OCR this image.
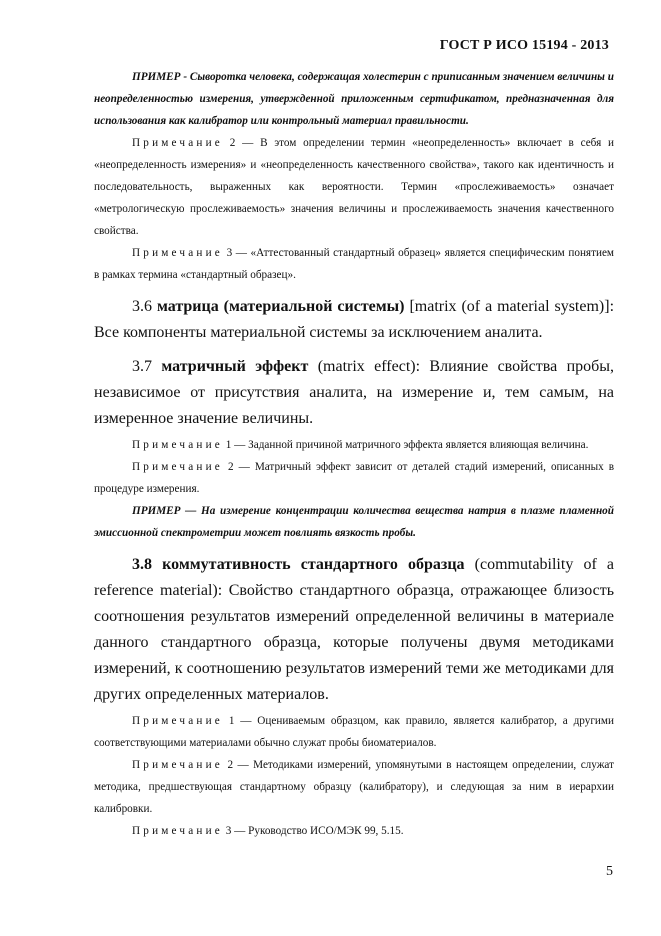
ГОСТ Р ИСО 15194 - 2013

ПРИМЕР - Сыворотка человека, содержащая холестерин с приписанным значением величины и неопределенностью измерения, утвержденной приложенным сертификатом, предназначенная для использования как калибратор или контрольный материал правильности.

Примечание 2 — В этом определении термин «неопределенность» включает в себя и «неопределенность измерения» и «неопределенность качественного свойства», такого как идентичность и последовательность, выраженных как вероятности. Термин «прослеживаемость» означает «метрологическую прослеживаемость» значения величины и прослеживаемость значения качественного свойства.

Примечание 3 — «Аттестованный стандартный образец» является специфическим понятием в рамках термина «стандартный образец».

3.6 матрица (материальной системы) [matrix (of a material system)]: Все компоненты материальной системы за исключением аналита.

3.7 матричный эффект (matrix effect): Влияние свойства пробы, независимое от присутствия аналита, на измерение и, тем самым, на измеренное значение величины.

Примечание 1 — Заданной причиной матричного эффекта является влияющая величина.

Примечание 2 — Матричный эффект зависит от деталей стадий измерений, описанных в процедуре измерения.

ПРИМЕР — На измерение концентрации количества вещества натрия в плазме пламенной эмиссионной спектрометрии может повлиять вязкость пробы.

3.8 коммутативность стандартного образца (commutability of a reference material): Свойство стандартного образца, отражающее близость соотношения результатов измерений определенной величины в материале данного стандартного образца, которые получены двумя методиками измерений, к соотношению результатов измерений теми же методиками для других определенных материалов.

Примечание 1 — Оцениваемым образцом, как правило, является калибратор, а другими соответствующими материалами обычно служат пробы биоматериалов.

Примечание 2 — Методиками измерений, упомянутыми в настоящем определении, служат методика, предшествующая стандартному образцу (калибратору), и следующая за ним в иерархии калибровки.

Примечание 3 — Руководство ИСО/МЭК 99, 5.15.

5
